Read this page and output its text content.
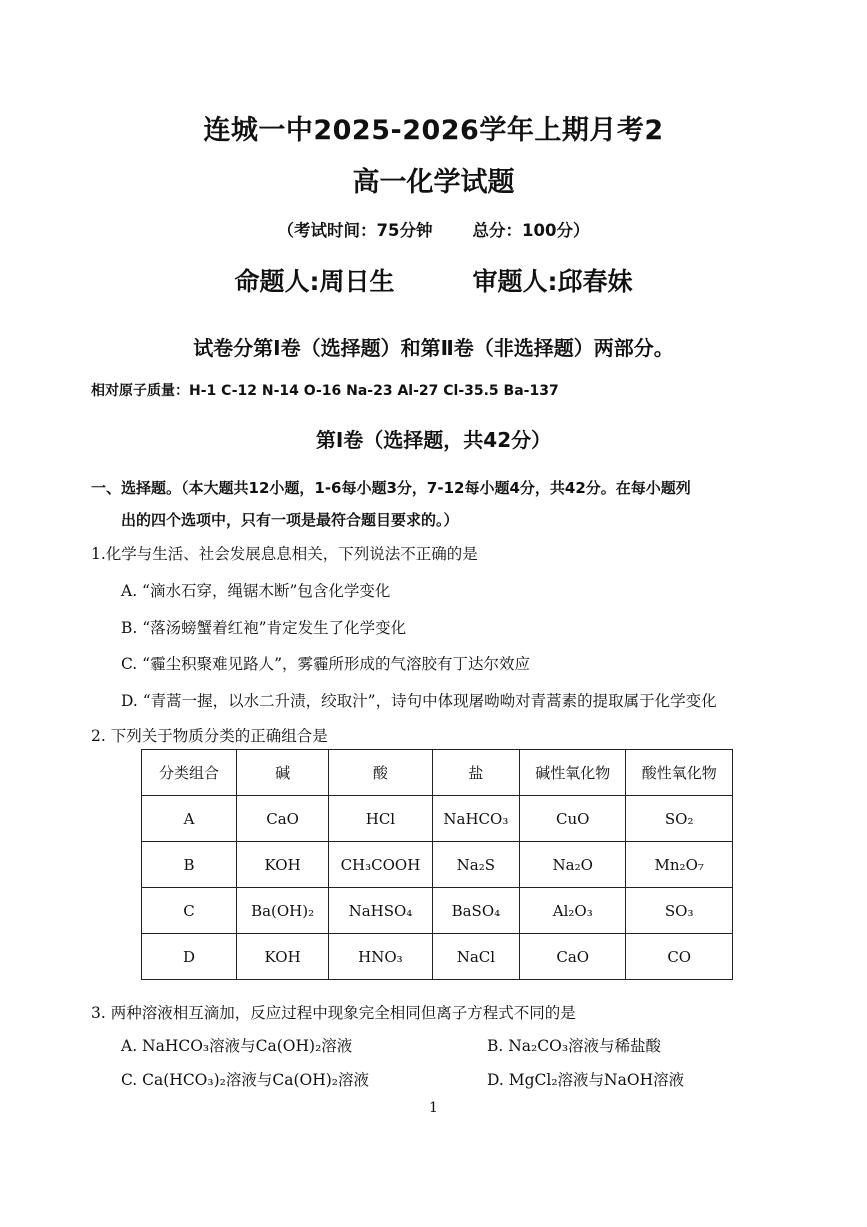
连城一中2025-2026学年上期月考2
高一化学试题
（考试时间：75分钟 总分：100分）
命题人:周日生	审题人:邱春妹
试卷分第Ⅰ卷（选择题）和第Ⅱ卷（非选择题）两部分。
相对原子质量：H-1 C-12 N-14 O-16 Na-23 Al-27 Cl-35.5 Ba-137
第Ⅰ卷（选择题，共42分）
一、选择题。（本大题共12小题，1-6每小题3分，7-12每小题4分，共42分。在每小题列
出的四个选项中，只有一项是最符合题目要求的。）
1.化学与生活、社会发展息息相关，下列说法不正确的是
A. “滴水石穿，绳锯木断”包含化学变化
B. “落汤螃蟹着红袍”肯定发生了化学变化
C. “霾尘积聚难见路人”，雾霾所形成的气溶胶有丁达尔效应
D. “青蒿一握，以水二升渍，绞取汁”，诗句中体现屠呦呦对青蒿素的提取属于化学变化
2. 下列关于物质分类的正确组合是
分类组合	碱	酸	盐	碱性氧化物	酸性氧化物
A	CaO	HCl	NaHCO₃	CuO	SO₂
B	KOH	CH₃COOH	Na₂S	Na₂O	Mn₂O₇
C	Ba(OH)₂	NaHSO₄	BaSO₄	Al₂O₃	SO₃
D	KOH	HNO₃	NaCl	CaO	CO
3. 两种溶液相互滴加，反应过程中现象完全相同但离子方程式不同的是
A. NaHCO₃溶液与Ca(OH)₂溶液	B. Na₂CO₃溶液与稀盐酸
C. Ca(HCO₃)₂溶液与Ca(OH)₂溶液	D. MgCl₂溶液与NaOH溶液
1
